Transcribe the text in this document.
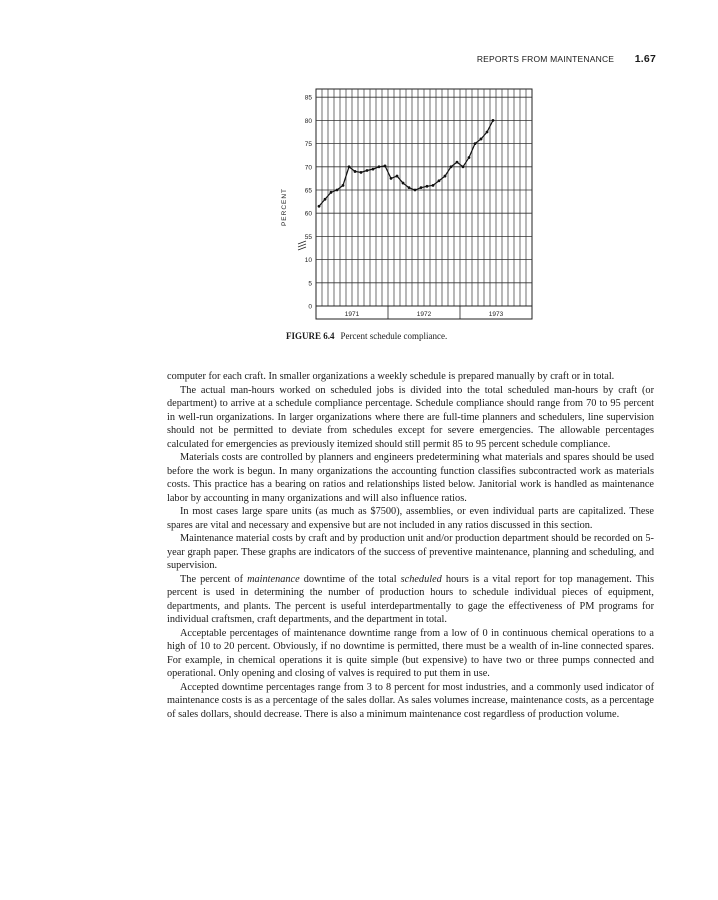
REPORTS FROM MAINTENANCE 1.67
1971	1972	1973
0
5
10
55
60
65
70
75
80
85
PERCENT
FIGURE 6.4 Percent schedule compliance.

computer for each craft. In smaller organizations a weekly schedule is prepared manually by craft or in total.

The actual man-hours worked on scheduled jobs is divided into the total scheduled man-hours by craft (or department) to arrive at a schedule compliance percentage. Schedule compliance should range from 70 to 95 percent in well-run organizations. In larger organizations where there are full-time planners and schedulers, line supervision should not be permitted to deviate from schedules except for severe emergencies. The allowable percentages calculated for emergencies as previously itemized should still permit 85 to 95 percent schedule compliance.

Materials costs are controlled by planners and engineers predetermining what materials and spares should be used before the work is begun. In many organizations the accounting function classifies subcontracted work as materials costs. This practice has a bearing on ratios and relationships listed below. Janitorial work is handled as maintenance labor by accounting in many organizations and will also influence ratios.

In most cases large spare units (as much as $7500), assemblies, or even individual parts are capitalized. These spares are vital and necessary and expensive but are not included in any ratios discussed in this section.

Maintenance material costs by craft and by production unit and/or production department should be recorded on 5-year graph paper. These graphs are indicators of the success of preventive maintenance, planning and scheduling, and supervision.

The percent of maintenance downtime of the total scheduled hours is a vital report for top management. This percent is used in determining the number of production hours to schedule individual pieces of equipment, departments, and plants. The percent is useful interdepartmentally to gage the effectiveness of PM programs for individual craftsmen, craft departments, and the department in total.

Acceptable percentages of maintenance downtime range from a low of 0 in continuous chemical operations to a high of 10 to 20 percent. Obviously, if no downtime is permitted, there must be a wealth of in-line connected spares. For example, in chemical operations it is quite simple (but expensive) to have two or three pumps connected and operational. Only opening and closing of valves is required to put them in use.

Accepted downtime percentages range from 3 to 8 percent for most industries, and a commonly used indicator of maintenance costs is as a percentage of the sales dollar. As sales volumes increase, maintenance costs, as a percentage of sales dollars, should decrease. There is also a minimum maintenance cost regardless of production volume.
